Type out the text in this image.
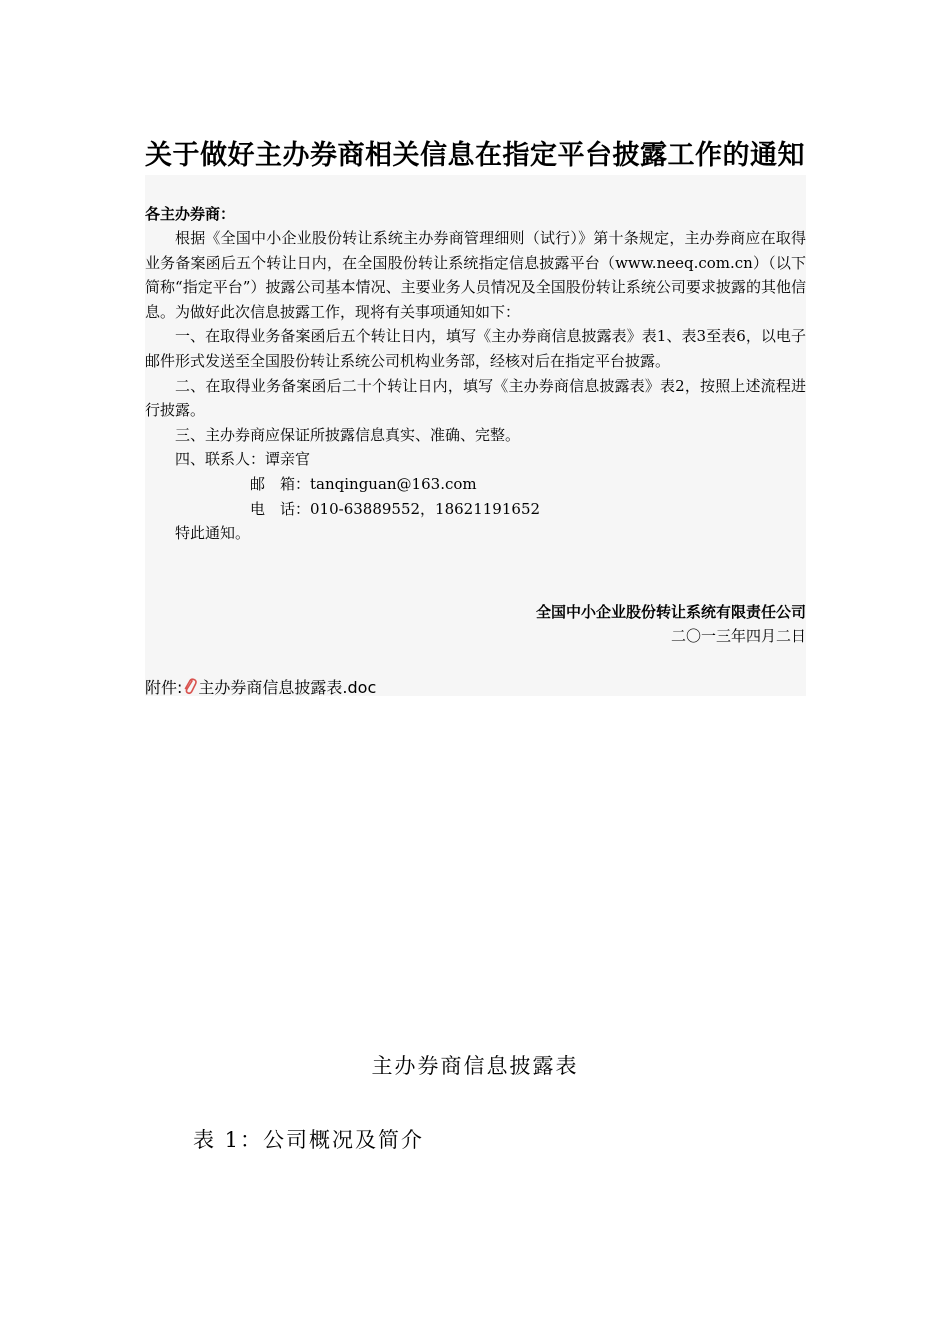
关于做好主办券商相关信息在指定平台披露工作的通知
各主办券商：

根据《全国中小企业股份转让系统主办券商管理细则（试行）》第十条规定，主办券商应在取得业务备案函后五个转让日内，在全国股份转让系统指定信息披露平台（www.neeq.com.cn）（以下简称“指定平台”）披露公司基本情况、主要业务人员情况及全国股份转让系统公司要求披露的其他信息。为做好此次信息披露工作，现将有关事项通知如下：

一、在取得业务备案函后五个转让日内，填写《主办券商信息披露表》表1、表3至表6，以电子邮件形式发送至全国股份转让系统公司机构业务部，经核对后在指定平台披露。

二、在取得业务备案函后二十个转让日内，填写《主办券商信息披露表》表2，按照上述流程进行披露。

三、主办券商应保证所披露信息真实、准确、完整。

四、联系人：谭亲官

邮　箱：tanqinguan@163.com

电　话：010-63889552，18621191652

特此通知。

全国中小企业股份转让系统有限责任公司
二〇一三年四月二日
附件: 主办券商信息披露表.doc
主办券商信息披露表
表 1：公司概况及简介
